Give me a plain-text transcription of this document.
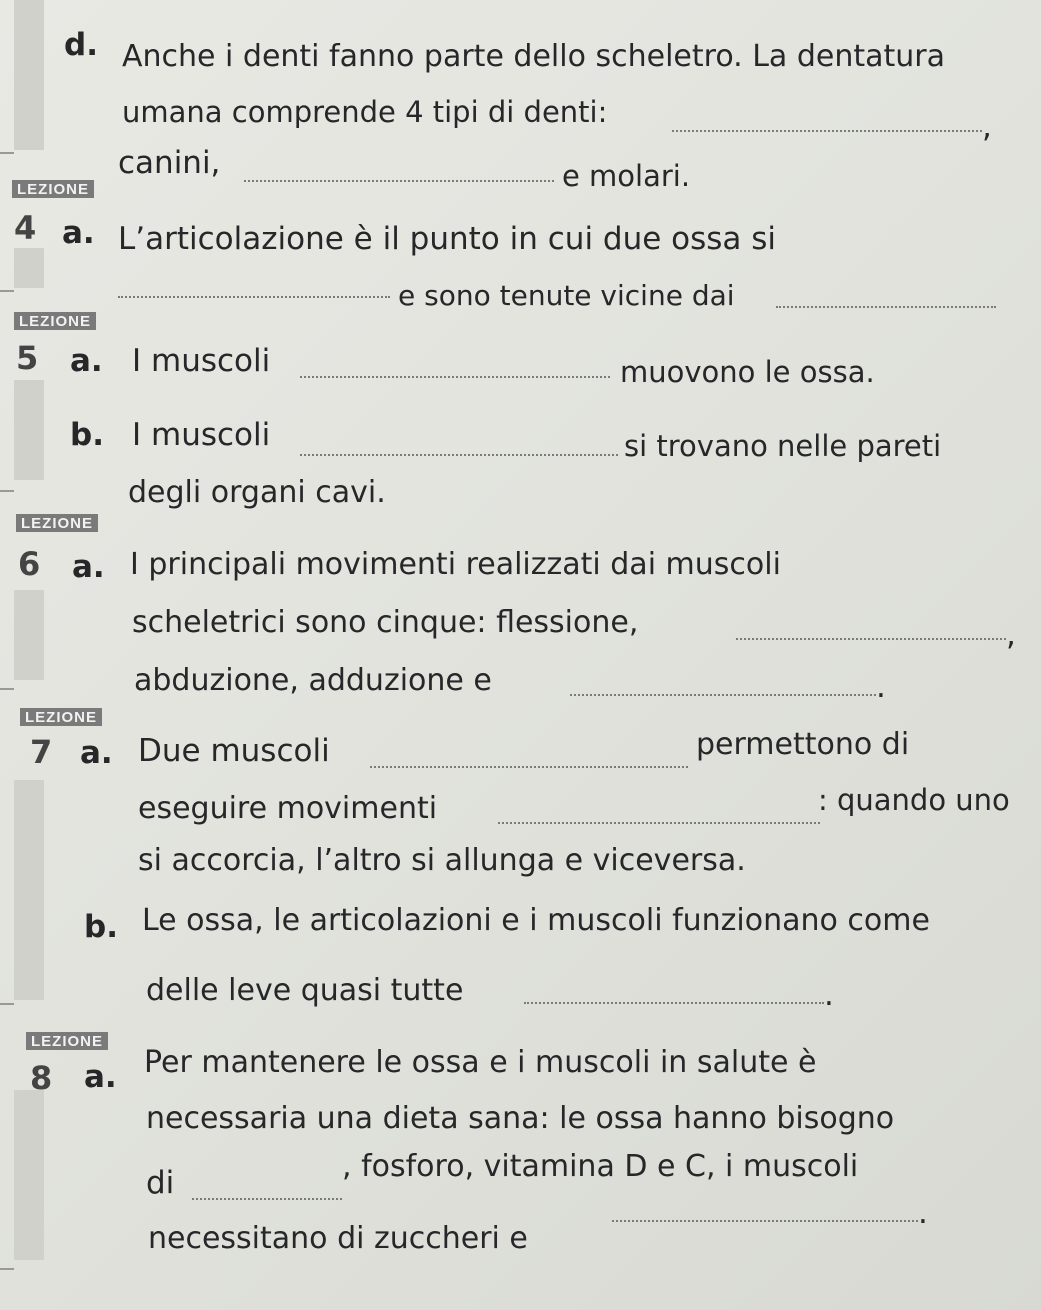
d. Anche i denti fanno parte dello scheletro. La dentatura
umana comprende 4 tipi di denti:	,
canini,	e molari.
LEZIONE
4 a. L’articolazione è il punto in cui due ossa si
e sono tenute vicine dai
LEZIONE
5 a. I muscoli	muovono le ossa.
b. I muscoli	si trovano nelle pareti
degli organi cavi.
LEZIONE
6 a. I principali movimenti realizzati dai muscoli
scheletrici sono cinque: flessione,	,
abduzione, adduzione e	.
LEZIONE
7 a. Due muscoli	permettono di
eseguire movimenti	: quando uno
si accorcia, l’altro si allunga e viceversa.
b. Le ossa, le articolazioni e i muscoli funzionano come
delle leve quasi tutte	.
LEZIONE
8 a. Per mantenere le ossa e i muscoli in salute è
necessaria una dieta sana: le ossa hanno bisogno
di	, fosforo, vitamina D e C, i muscoli
necessitano di zuccheri e
.
